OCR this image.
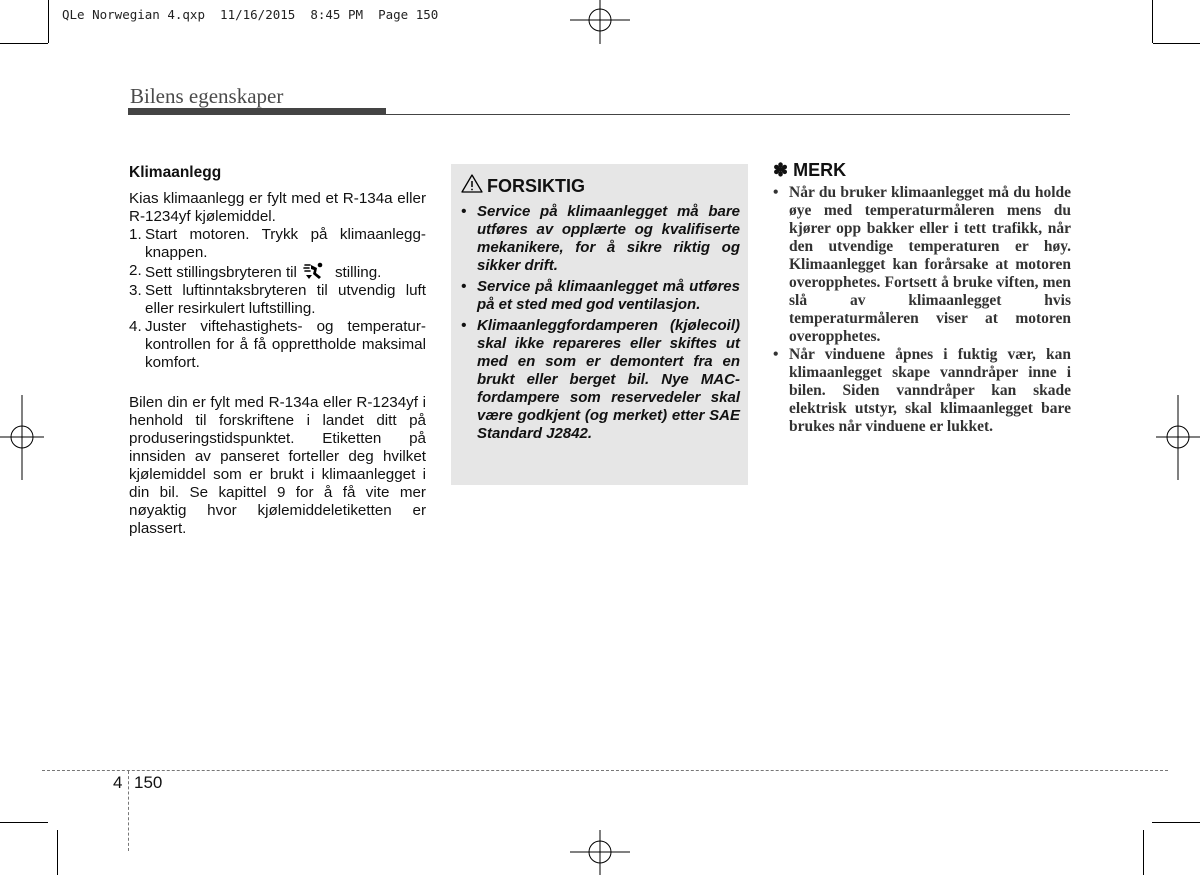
QLe Norwegian 4.qxp  11/16/2015  8:45 PM  Page 150
Bilens egenskaper
Klimaanlegg

Kias klimaanlegg er fylt med et R-134a eller R-1234yf kjølemiddel.

1. Start motoren. Trykk på klimaanlegg-knappen.
2. Sett stillingsbryteren til	stilling.
3. Sett luftinntaksbryteren til utvendig luft eller resirkulert luftstilling.
4. Juster viftehastighets- og temperatur-kontrollen for å få opprettholde maksimal komfort.

Bilen din er fylt med R-134a eller R-1234yf i henhold til forskriftene i landet ditt på produseringstidspunktet. Etiketten på innsiden av panseret forteller deg hvilket kjølemiddel som er brukt i klimaanlegget i din bil. Se kapittel 9 for å få vite mer nøyaktig hvor kjølemiddeletiketten er plassert.

FORSIKTIG
• Service på klimaanlegget må bare utføres av opplærte og kvalifiserte mekanikere, for å sikre riktig og sikker drift.
• Service på klimaanlegget må utføres på et sted med god ventilasjon.
• Klimaanleggfordamperen (kjølecoil) skal ikke repareres eller skiftes ut med en som er demontert fra en brukt eller berget bil. Nye MAC-fordampere som reservedeler skal være godkjent (og merket) etter SAE Standard J2842.
✽ MERK
• Når du bruker klimaanlegget må du holde øye med temperaturmåleren mens du kjører opp bakker eller i tett trafikk, når den utvendige temperaturen er høy. Klimaanlegget kan forårsake at motoren overopphetes. Fortsett å bruke viften, men slå av klimaanlegget hvis temperaturmåleren viser at motoren overopphetes.
• Når vinduene åpnes i fuktig vær, kan klimaanlegget skape vanndråper inne i bilen. Siden vanndråper kan skade elektrisk utstyr, skal klimaanlegget bare brukes når vinduene er lukket.
4 150
